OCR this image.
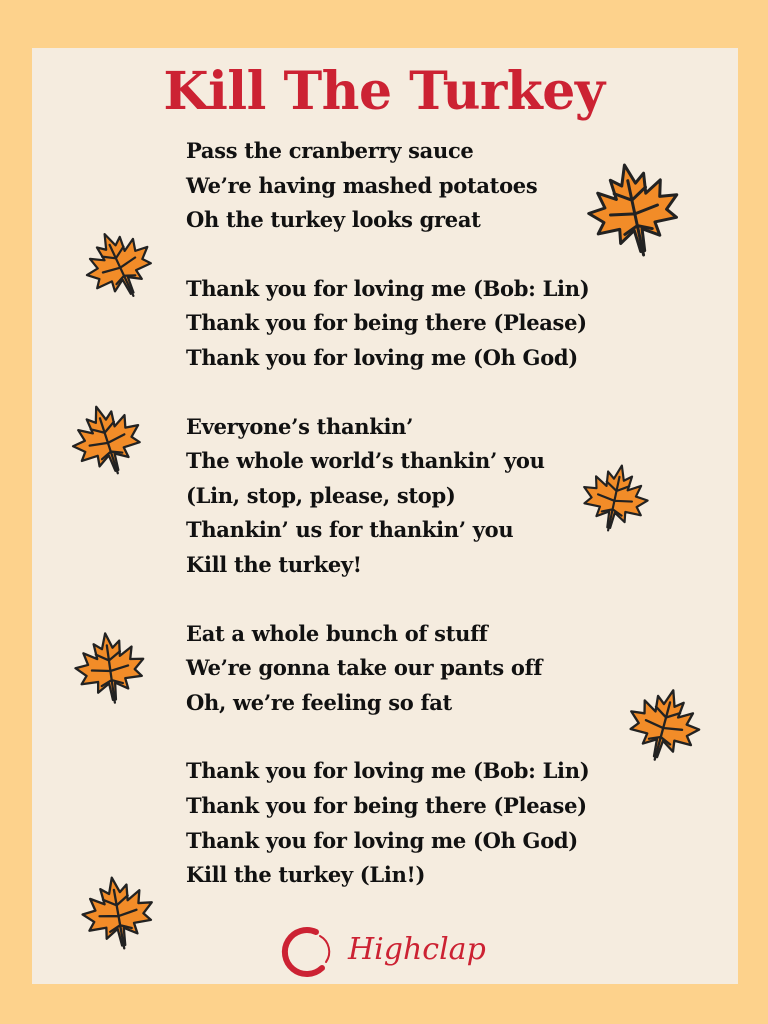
Kill The Turkey
Pass the cranberry sauce
We’re having mashed potatoes
Oh the turkey looks great
Thank you for loving me (Bob: Lin)
Thank you for being there (Please)
Thank you for loving me (Oh God)
Everyone’s thankin’
The whole world’s thankin’ you
(Lin, stop, please, stop)
Thankin’ us for thankin’ you
Kill the turkey!
Eat a whole bunch of stuff
We’re gonna take our pants off
Oh, we’re feeling so fat
Thank you for loving me (Bob: Lin)
Thank you for being there (Please)
Thank you for loving me (Oh God)
Kill the turkey (Lin!)
Highclap
